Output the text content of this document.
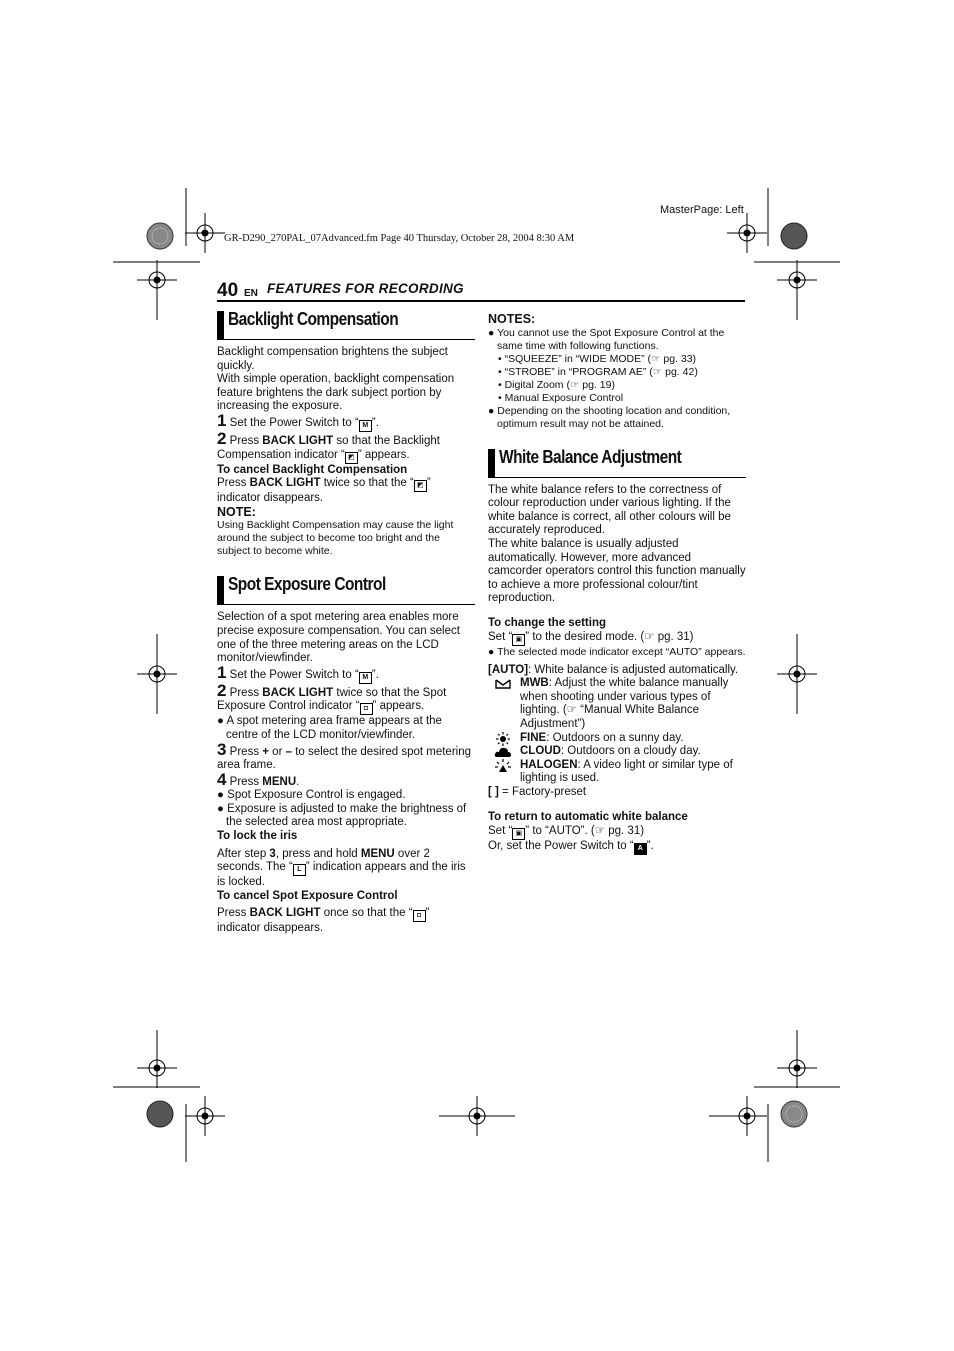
MasterPage: Left
GR-D290_270PAL_07Advanced.fm Page 40 Thursday, October 28, 2004 8:30 AM
40 EN FEATURES FOR RECORDING
Backlight Compensation

Backlight compensation brightens the subject quickly.

With simple operation, backlight compensation feature brightens the dark subject portion by increasing the exposure.

1 Set the Power Switch to “ M ”.

2 Press BACK LIGHT so that the Backlight Compensation indicator “ ◩ ” appears.

To cancel Backlight Compensation

Press BACK LIGHT twice so that the “ ◩ ” indicator disappears.

NOTE:

Using Backlight Compensation may cause the light around the subject to become too bright and the subject to become white.

Spot Exposure Control

Selection of a spot metering area enables more precise exposure compensation. You can select one of the three metering areas on the LCD monitor/viewfinder.

1 Set the Power Switch to “ M ”.

2 Press BACK LIGHT twice so that the Spot Exposure Control indicator “ ◘ ” appears.

● A spot metering area frame appears at the centre of the LCD monitor/viewfinder.

3 Press + or – to select the desired spot metering area frame.

4 Press MENU.

● Spot Exposure Control is engaged.

● Exposure is adjusted to make the brightness of the selected area most appropriate.

To lock the iris

After step 3, press and hold MENU over 2 seconds. The “ L ” indication appears and the iris is locked.

To cancel Spot Exposure Control

Press BACK LIGHT once so that the “ ◘ ” indicator disappears.

NOTES:

● You cannot use the Spot Exposure Control at the same time with following functions.

• “SQUEEZE” in “WIDE MODE” (☞ pg. 33)

• “STROBE” in “PROGRAM AE” (☞ pg. 42)

• Digital Zoom (☞ pg. 19)

• Manual Exposure Control

● Depending on the shooting location and condition, optimum result may not be attained.

White Balance Adjustment

The white balance refers to the correctness of colour reproduction under various lighting. If the white balance is correct, all other colours will be accurately reproduced.

The white balance is usually adjusted automatically. However, more advanced camcorder operators control this function manually to achieve a more professional colour/tint reproduction.

To change the setting

Set “ ▣ ” to the desired mode. (☞ pg. 31)

● The selected mode indicator except “AUTO” appears.

[AUTO]: White balance is adjusted automatically.

MWB: Adjust the white balance manually when shooting under various types of lighting. (☞ “Manual White Balance Adjustment”)

FINE: Outdoors on a sunny day.

CLOUD: Outdoors on a cloudy day.

HALOGEN: A video light or similar type of lighting is used.

[ ] = Factory-preset

To return to automatic white balance

Set “ ▣ ” to “AUTO”. (☞ pg. 31)

Or, set the Power Switch to “ A ”.
